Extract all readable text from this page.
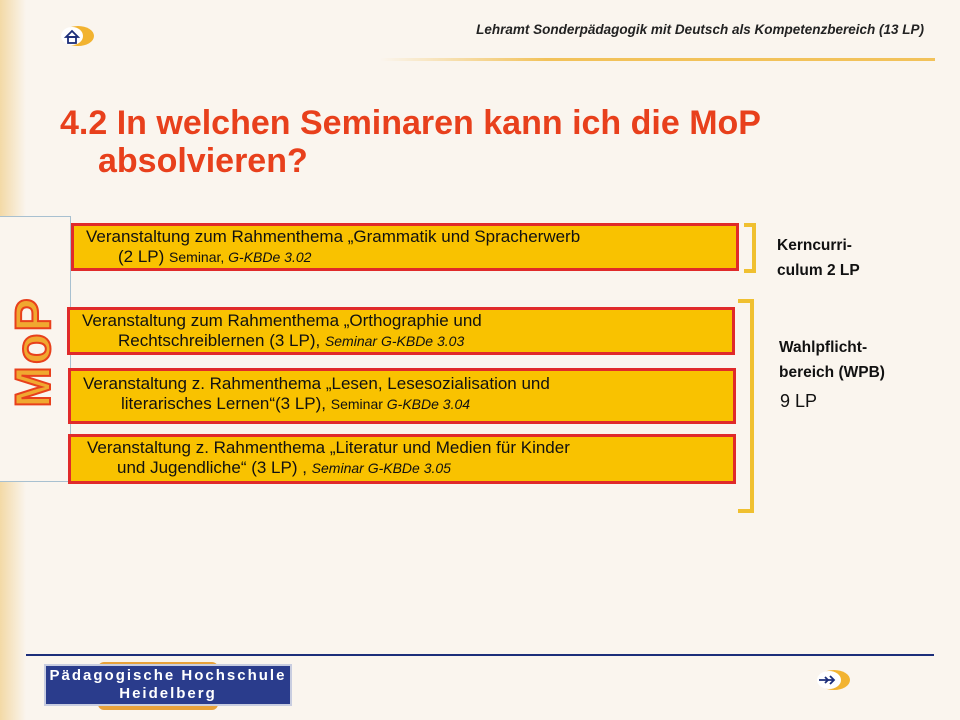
Lehramt Sonderpädagogik mit Deutsch als Kompetenzbereich (13 LP)
4.2 In welchen Seminaren kann ich die MoP absolvieren?
MoP
Veranstaltung zum Rahmenthema „Grammatik und Spracherwerb
(2 LP) Seminar, G-KBDe 3.02
Veranstaltung zum Rahmenthema „Orthographie und
Rechtschreiblernen (3 LP), Seminar G-KBDe 3.03
Veranstaltung z. Rahmenthema „Lesen, Lesesozialisation und
literarisches Lernen“(3 LP), Seminar G-KBDe 3.04
Veranstaltung z. Rahmenthema „Literatur und Medien für Kinder
und Jugendliche“ (3 LP) , Seminar G-KBDe 3.05
Kerncurri-
culum 2 LP
Wahlpflicht-
bereich (WPB)
9 LP
Pädagogische Hochschule
Heidelberg
